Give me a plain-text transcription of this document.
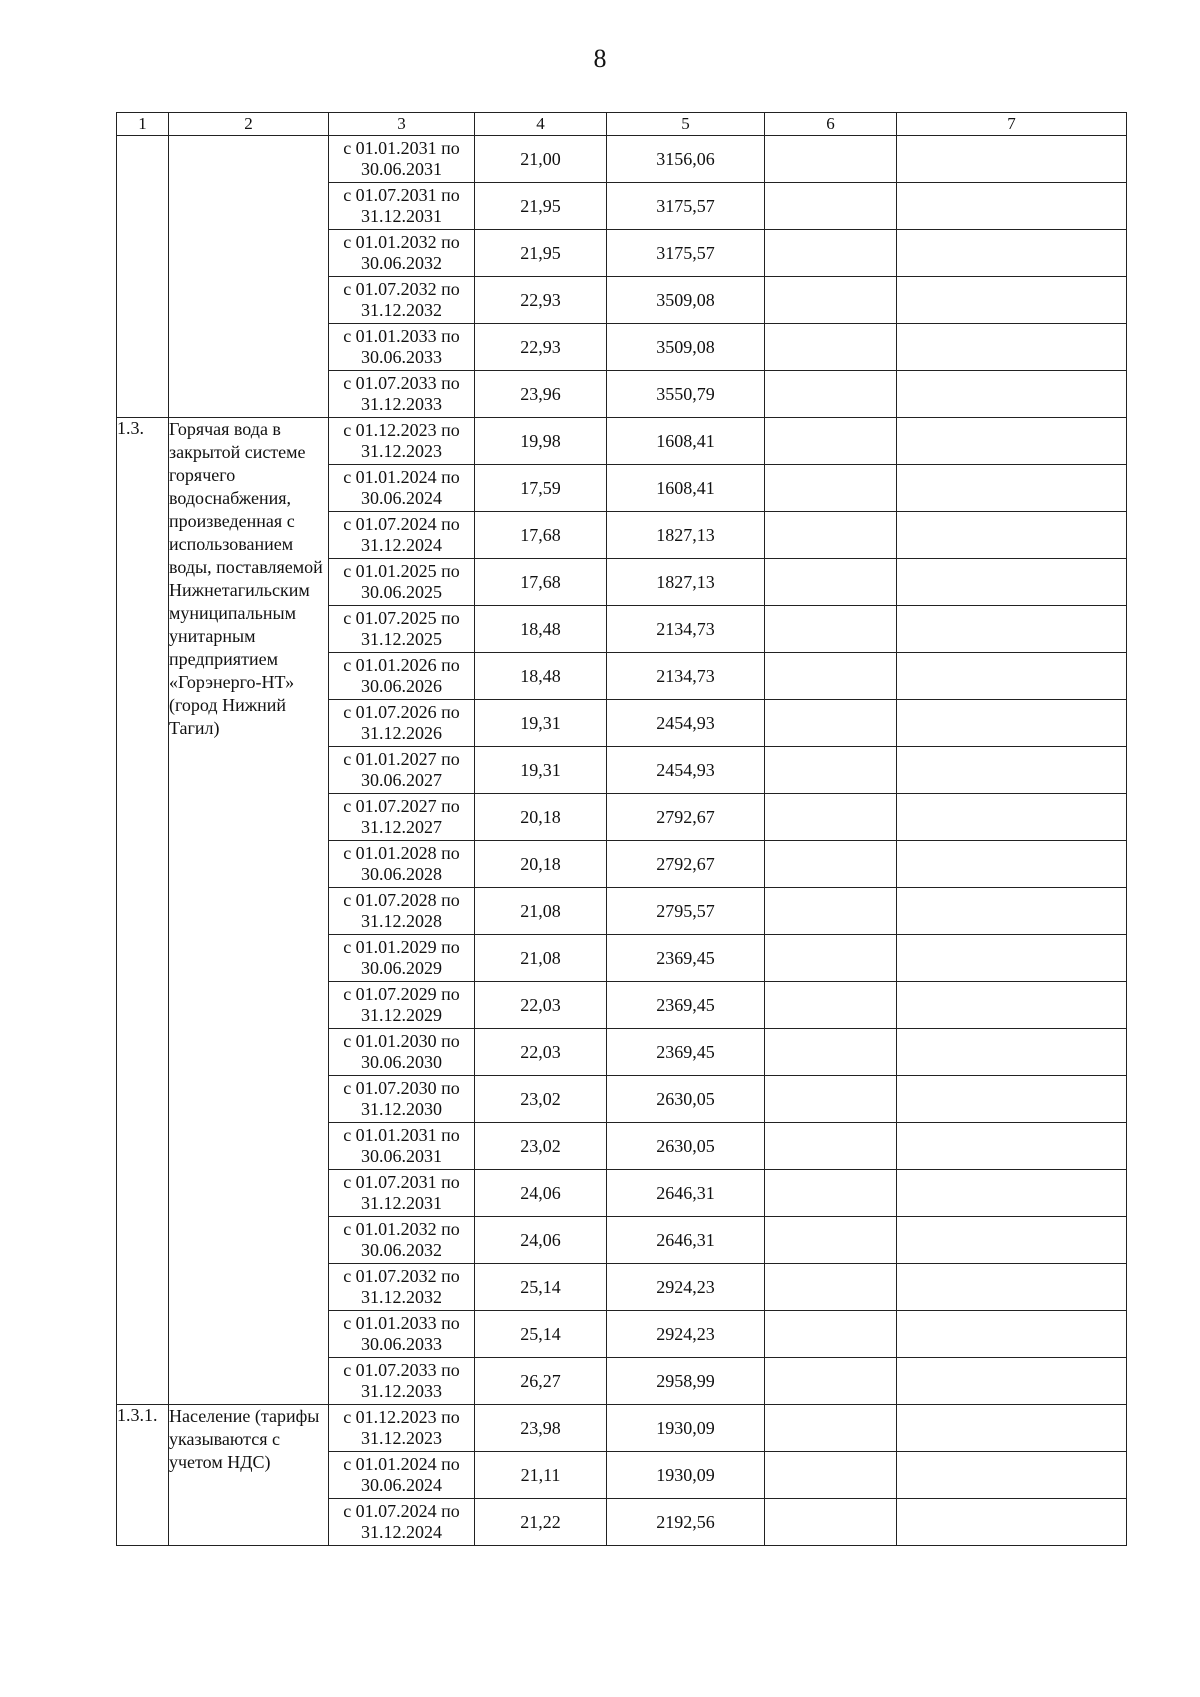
8
1	2	3	4	5	6	7

		с 01.01.2031 по
30.06.2031	21,00	3156,06		

		с 01.07.2031 по
31.12.2031	21,95	3175,57		

		с 01.01.2032 по
30.06.2032	21,95	3175,57		

		с 01.07.2032 по
31.12.2032	22,93	3509,08		

		с 01.01.2033 по
30.06.2033	22,93	3509,08		

		с 01.07.2033 по
31.12.2033	23,96	3550,79		
1.3.	Горячая вода в закрытой системе горячего водоснабжения, произведенная с использованием воды, поставляемой Нижнетагильским муниципальным унитарным предприятием «Горэнерго-НТ» (город Нижний Тагил)	с 01.12.2023 по
31.12.2023	19,98	1608,41		

		с 01.01.2024 по
30.06.2024	17,59	1608,41		

		с 01.07.2024 по
31.12.2024	17,68	1827,13		

		с 01.01.2025 по
30.06.2025	17,68	1827,13		

		с 01.07.2025 по
31.12.2025	18,48	2134,73		

		с 01.01.2026 по
30.06.2026	18,48	2134,73		

		с 01.07.2026 по
31.12.2026	19,31	2454,93		

		с 01.01.2027 по
30.06.2027	19,31	2454,93		

		с 01.07.2027 по
31.12.2027	20,18	2792,67		

		с 01.01.2028 по
30.06.2028	20,18	2792,67		

		с 01.07.2028 по
31.12.2028	21,08	2795,57		

		с 01.01.2029 по
30.06.2029	21,08	2369,45		

		с 01.07.2029 по
31.12.2029	22,03	2369,45		

		с 01.01.2030 по
30.06.2030	22,03	2369,45		

		с 01.07.2030 по
31.12.2030	23,02	2630,05		

		с 01.01.2031 по
30.06.2031	23,02	2630,05		

		с 01.07.2031 по
31.12.2031	24,06	2646,31		

		с 01.01.2032 по
30.06.2032	24,06	2646,31		

		с 01.07.2032 по
31.12.2032	25,14	2924,23		

		с 01.01.2033 по
30.06.2033	25,14	2924,23		

		с 01.07.2033 по
31.12.2033	26,27	2958,99		
1.3.1.	Население (тарифы указываются с учетом НДС)	с 01.12.2023 по
31.12.2023	23,98	1930,09		

		с 01.01.2024 по
30.06.2024	21,11	1930,09		

		с 01.07.2024 по
31.12.2024	21,22	2192,56		
